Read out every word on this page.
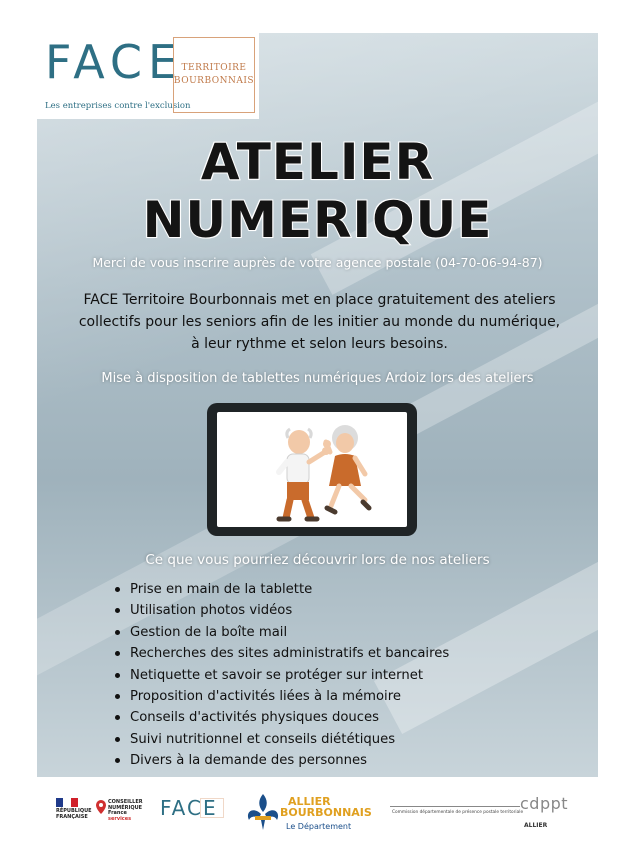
FACE
Les entreprises contre l'exclusion
TERRITOIRE
BOURBONNAIS
ATELIER
NUMERIQUE
Merci de vous inscrire auprès de votre agence postale (04-70-06-94-87)
FACE Territoire Bourbonnais met en place gratuitement des ateliers
collectifs pour les seniors afin de les initier au monde du numérique,
à leur rythme et selon leurs besoins.
Mise à disposition de tablettes numériques Ardoiz lors des ateliers
Ce que vous pourriez découvrir lors de nos ateliers
Prise en main de la tablette
Utilisation photos vidéos
Gestion de la boîte mail
Recherches des sites administratifs et bancaires
Netiquette et savoir se protéger sur internet
Proposition d'activités liées à la mémoire
Conseils d'activités physiques douces
Suivi nutritionnel et conseils diététiques
Divers à la demande des personnes
RÉPUBLIQUE
FRANÇAISE
CONSEILLER
NUMÉRIQUE
France
services	FACE	ALLIER
BOURBONNAIS
Le Département
cdppt
Commission départementale de présence postale territoriale
ALLIER
